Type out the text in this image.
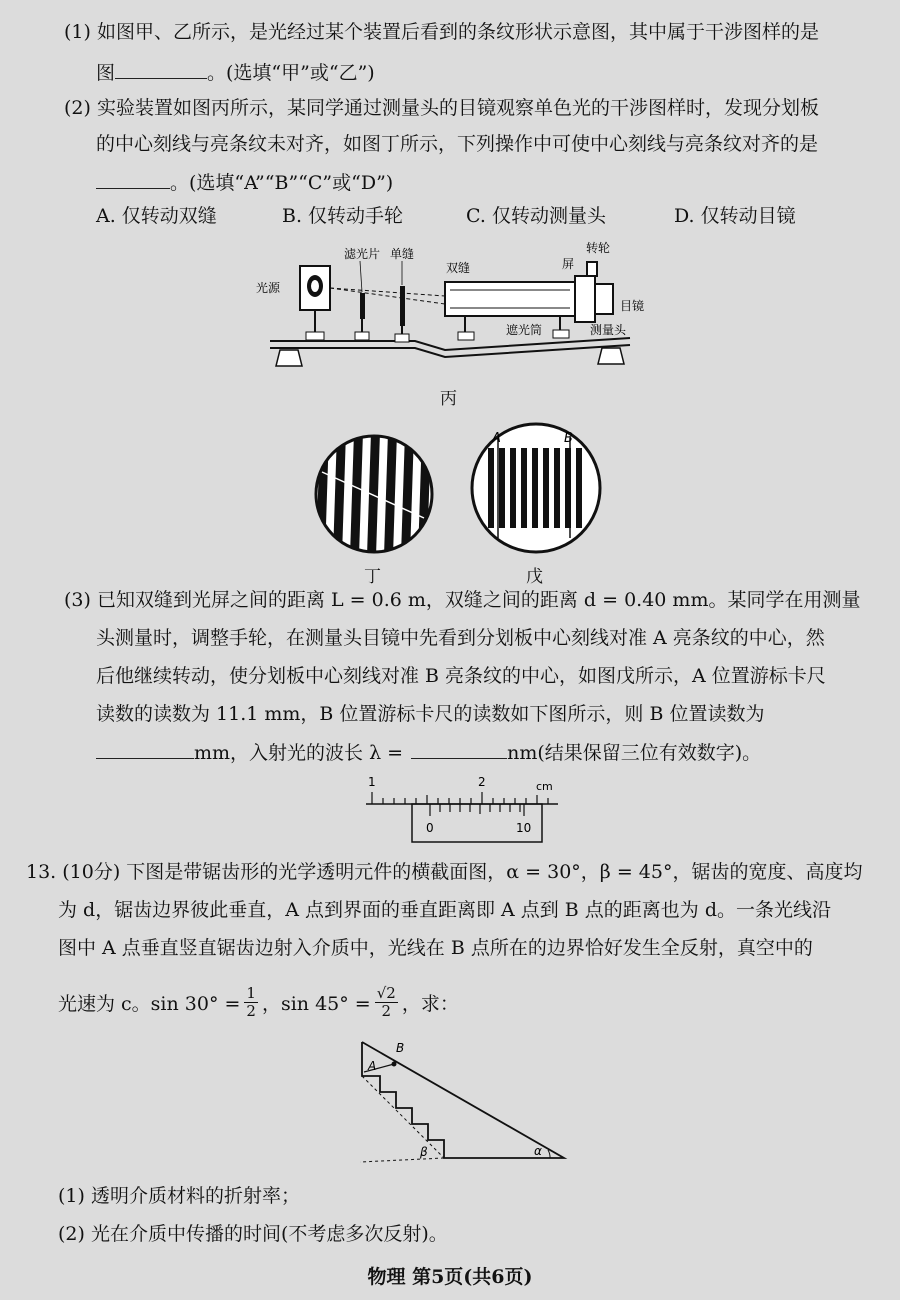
(1) 如图甲、乙所示，是光经过某个装置后看到的条纹形状示意图，其中属于干涉图样的是
图	。(选填“甲”或“乙”)
(2) 实验装置如图丙所示，某同学通过测量头的目镜观察单色光的干涉图样时，发现分划板
的中心刻线与亮条纹未对齐，如图丁所示，下列操作中可使中心刻线与亮条纹对齐的是
。(选填“A”“B”“C”或“D”)
A. 仅转动双缝	B. 仅转动手轮	C. 仅转动测量头	D. 仅转动目镜
光源
滤光片 单缝
双缝
遮光筒
屏
转轮
目镜
测量头
丙
丁
A	B
戊
(3) 已知双缝到光屏之间的距离 L = 0.6 m，双缝之间的距离 d = 0.40 mm。某同学在用测量
头测量时，调整手轮，在测量头目镜中先看到分划板中心刻线对准 A 亮条纹的中心，然
后他继续转动，使分划板中心刻线对准 B 亮条纹的中心，如图戊所示，A 位置游标卡尺
读数的读数为 11.1 mm，B 位置游标卡尺的读数如下图所示，则 B 位置读数为
mm，入射光的波长 λ =	nm(结果保留三位有效数字)。
1	2	cm
0	10
13. (10分) 下图是带锯齿形的光学透明元件的横截面图，α = 30°，β = 45°，锯齿的宽度、高度均
为 d，锯齿边界彼此垂直，A 点到界面的垂直距离即 A 点到 B 点的距离也为 d。一条光线沿
图中 A 点垂直竖直锯齿边射入介质中，光线在 B 点所在的边界恰好发生全反射，真空中的
光速为 c。$\sin 30^\circ = \frac{1}{2}$ ，$\sin 45^\circ = \frac{√2}{2}$ ，求：
A
B
α
β
(1) 透明介质材料的折射率；
(2) 光在介质中传播的时间(不考虑多次反射)。
物理 第5页(共6页)
